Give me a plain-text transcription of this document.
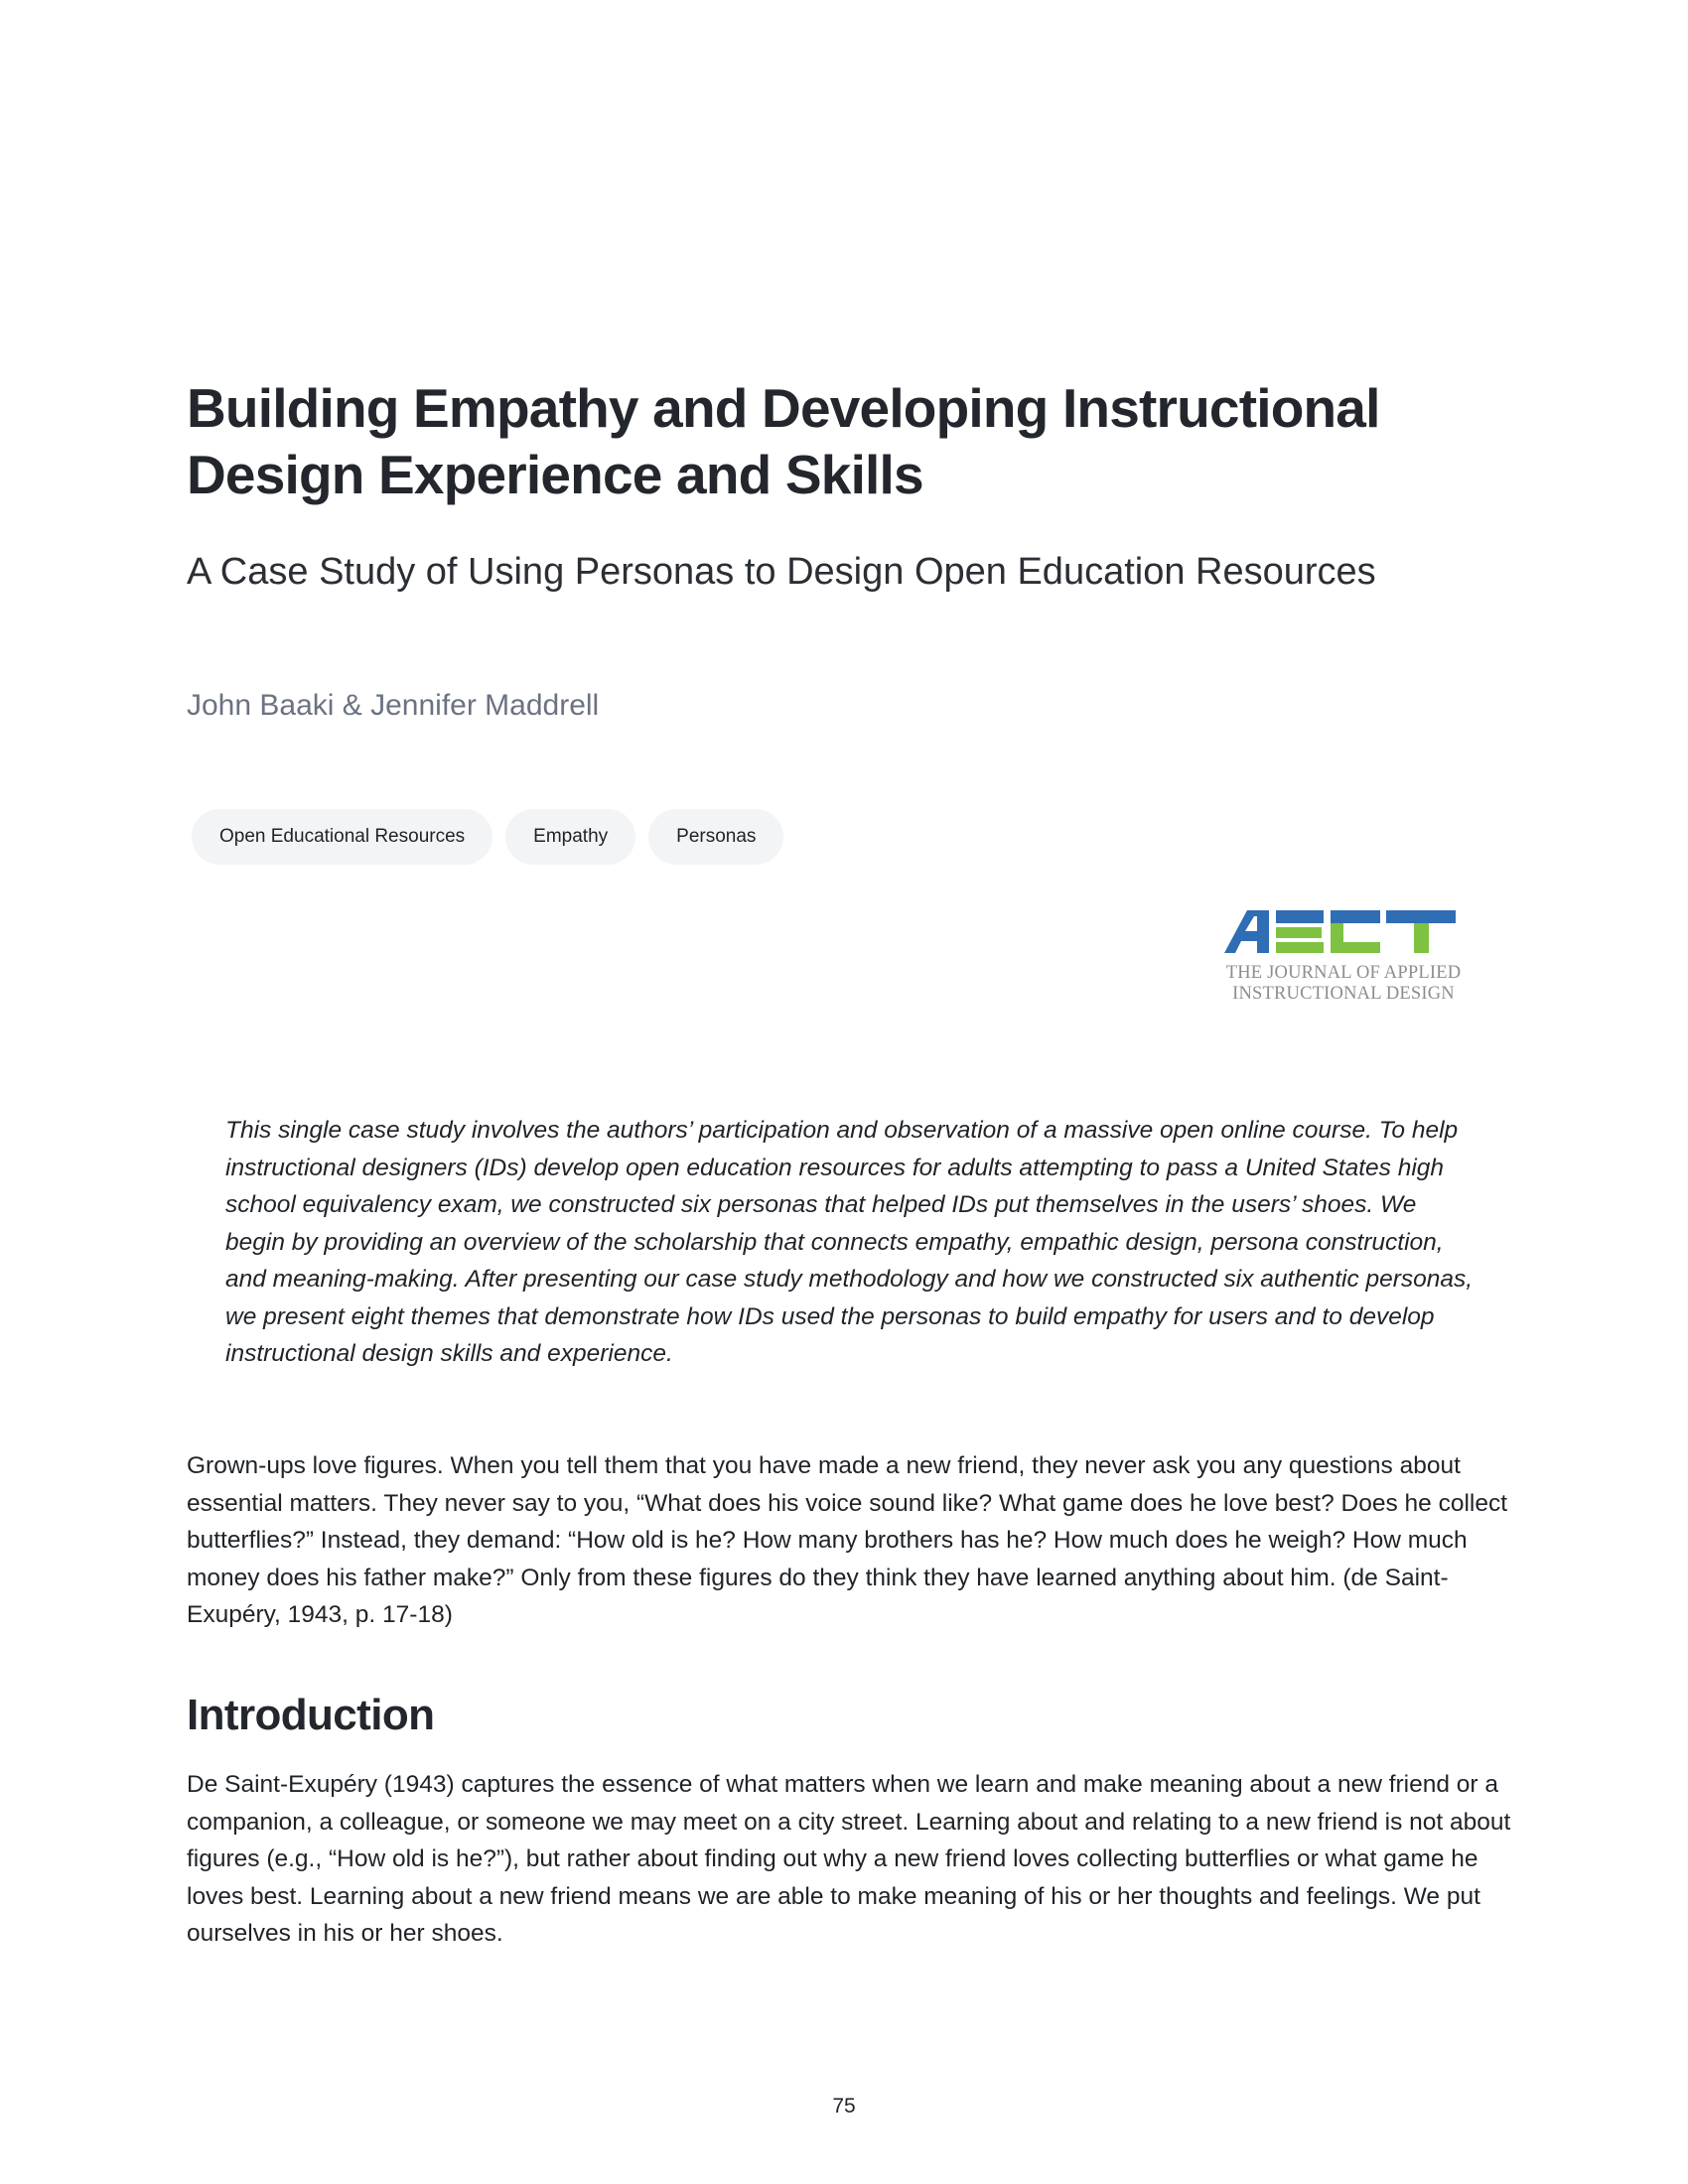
Building Empathy and Developing Instructional Design Experience and Skills
A Case Study of Using Personas to Design Open Education Resources

John Baaki & Jennifer Maddrell

Open Educational Resources	Empathy	Personas
THE JOURNAL OF APPLIED
INSTRUCTIONAL DESIGN

This single case study involves the authors’ participation and observation of a massive open online course. To help instructional designers (IDs) develop open education resources for adults attempting to pass a United States high school equivalency exam, we constructed six personas that helped IDs put themselves in the users’ shoes. We begin by providing an overview of the scholarship that connects empathy, empathic design, persona construction, and meaning-making. After presenting our case study methodology and how we constructed six authentic personas, we present eight themes that demonstrate how IDs used the personas to build empathy for users and to develop instructional design skills and experience.

Grown-ups love figures. When you tell them that you have made a new friend, they never ask you any questions about essential matters. They never say to you, “What does his voice sound like? What game does he love best? Does he collect butterflies?” Instead, they demand: “How old is he? How many brothers has he? How much does he weigh? How much money does his father make?” Only from these figures do they think they have learned anything about him. (de Saint-Exupéry, 1943, p. 17-18)

Introduction

De Saint-Exupéry (1943) captures the essence of what matters when we learn and make meaning about a new friend or a companion, a colleague, or someone we may meet on a city street. Learning about and relating to a new friend is not about figures (e.g., “How old is he?”), but rather about finding out why a new friend loves collecting butterflies or what game he loves best. Learning about a new friend means we are able to make meaning of his or her thoughts and feelings. We put ourselves in his or her shoes.

75
